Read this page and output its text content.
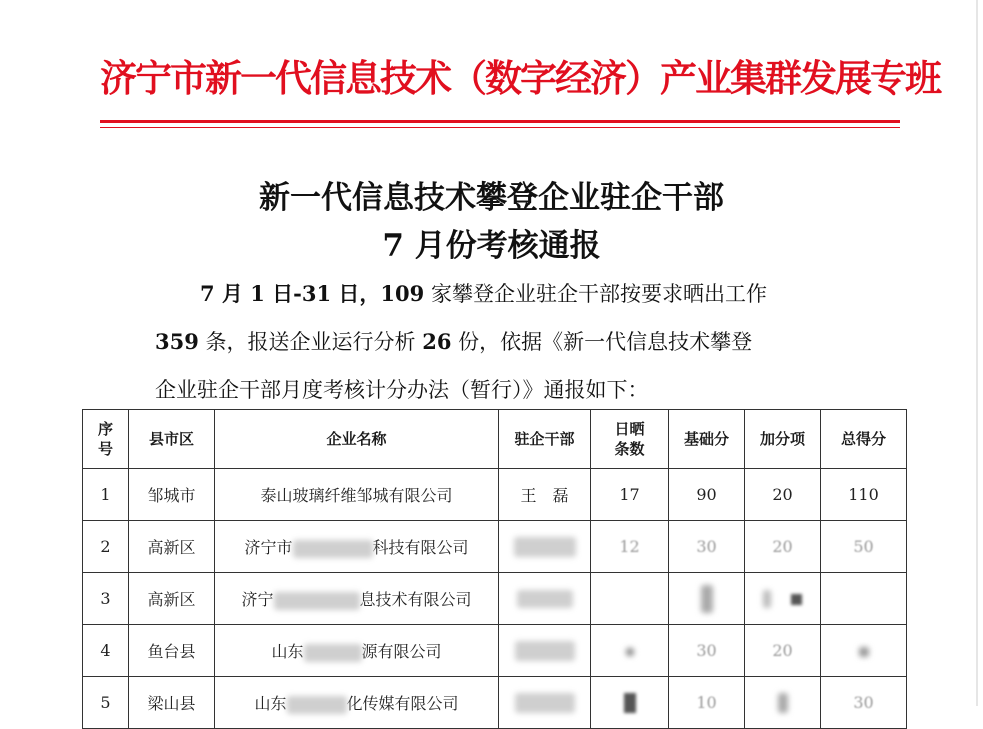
济宁市新一代信息技术（数字经济）产业集群发展专班
新一代信息技术攀登企业驻企干部
7 月份考核通报
7 月 1 日-31 日，109 家攀登企业驻企干部按要求晒出工作
359 条，报送企业运行分析 26 份，依据《新一代信息技术攀登
企业驻企干部月度考核计分办法（暂行）》通报如下：
序号	县市区	企业名称	驻企干部	日晒条数	基础分	加分项	总得分
1	邹城市	泰山玻璃纤维邹城有限公司	王　磊	17	90	20	110
2	高新区	济宁市 科技有限公司		12	30	20	50
3	高新区	济宁 息技术有限公司					
4	鱼台县	山东 源有限公司			30	20	
5	梁山县	山东 化传媒有限公司			10		30
